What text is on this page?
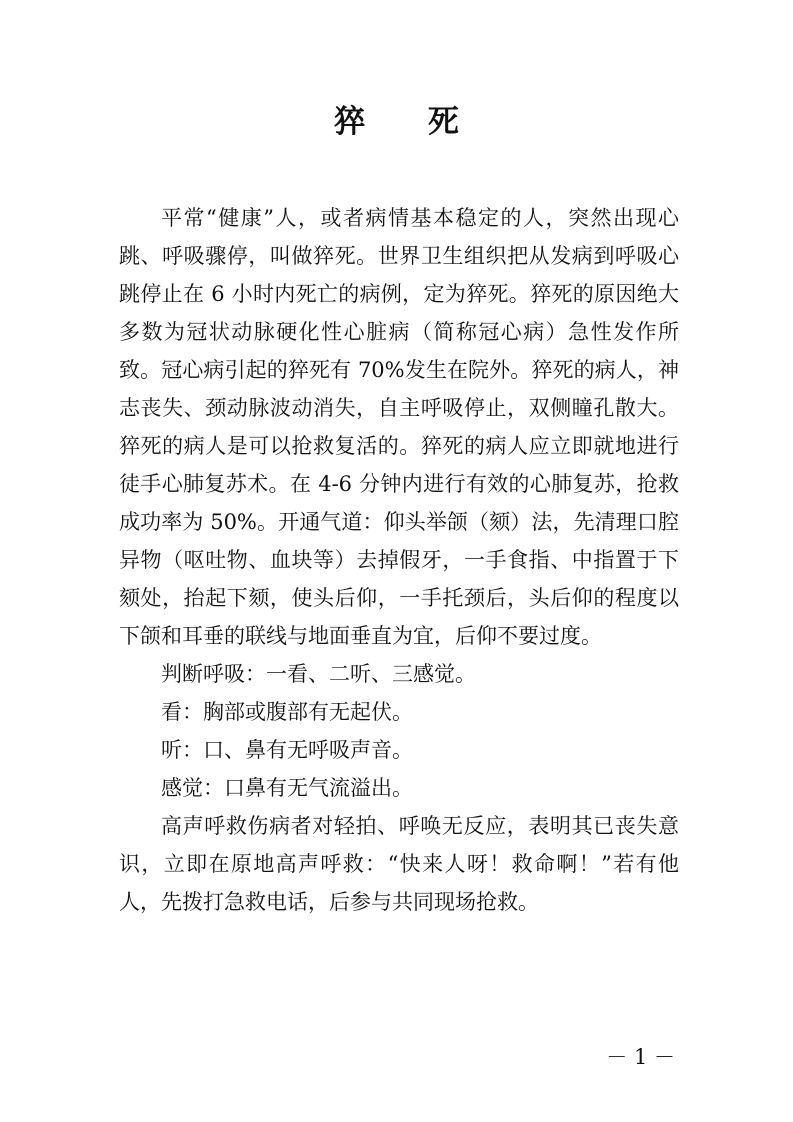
猝 死

平常“健康”人，或者病情基本稳定的人，突然出现心跳、呼吸骤停，叫做猝死。世界卫生组织把从发病到呼吸心跳停止在 6 小时内死亡的病例，定为猝死。猝死的原因绝大多数为冠状动脉硬化性心脏病（简称冠心病）急性发作所致。冠心病引起的猝死有 70%发生在院外。猝死的病人，神志丧失、颈动脉波动消失，自主呼吸停止，双侧瞳孔散大。猝死的病人是可以抢救复活的。猝死的病人应立即就地进行徒手心肺复苏术。在 4-6 分钟内进行有效的心肺复苏，抢救成功率为 50%。开通气道：仰头举颌（颏）法，先清理口腔异物（呕吐物、血块等）去掉假牙，一手食指、中指置于下颏处，抬起下颏，使头后仰，一手托颈后，头后仰的程度以下颌和耳垂的联线与地面垂直为宜，后仰不要过度。

判断呼吸：一看、二听、三感觉。

看：胸部或腹部有无起伏。

听：口、鼻有无呼吸声音。

感觉：口鼻有无气流溢出。

高声呼救伤病者对轻拍、呼唤无反应，表明其已丧失意识，立即在原地高声呼救：“快来人呀！救命啊！”若有他人，先拨打急救电话，后参与共同现场抢救。

－ 1 －
